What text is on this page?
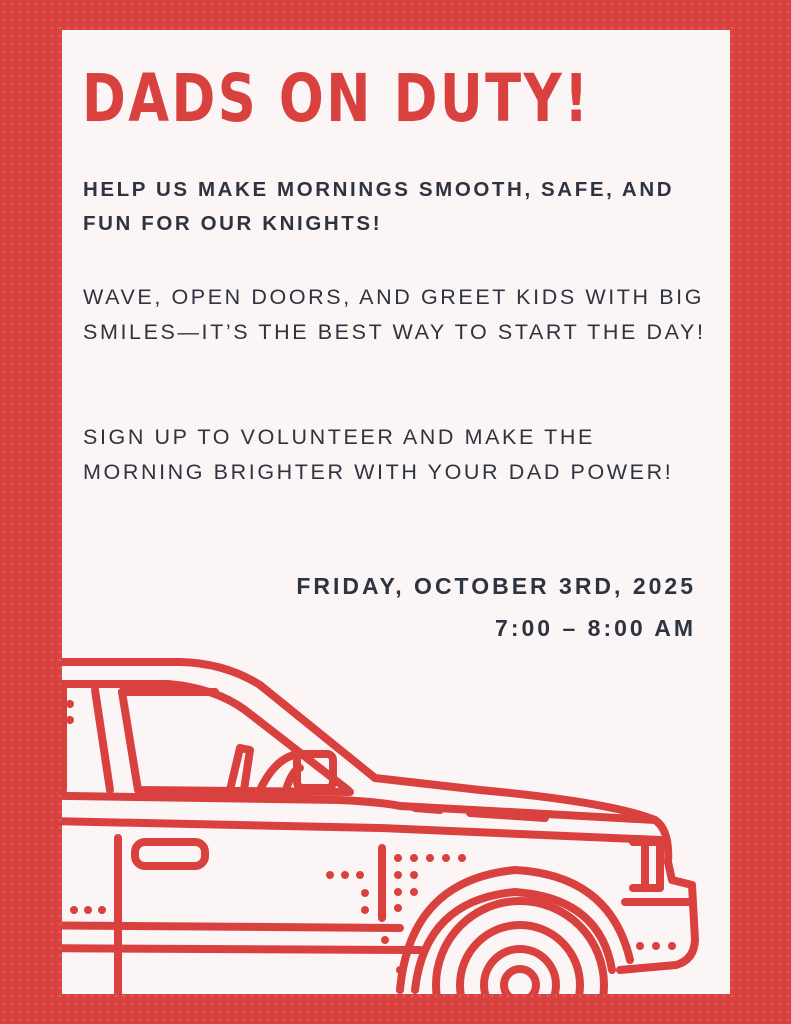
DADS ON DUTY!

HELP US MAKE MORNINGS SMOOTH, SAFE, AND FUN FOR OUR KNIGHTS!

WAVE, OPEN DOORS, AND GREET KIDS WITH BIG SMILES—IT’S THE BEST WAY TO START THE DAY!

SIGN UP TO VOLUNTEER AND MAKE THE MORNING BRIGHTER WITH YOUR DAD POWER!

FRIDAY, OCTOBER 3RD, 2025

7:00 – 8:00 AM
